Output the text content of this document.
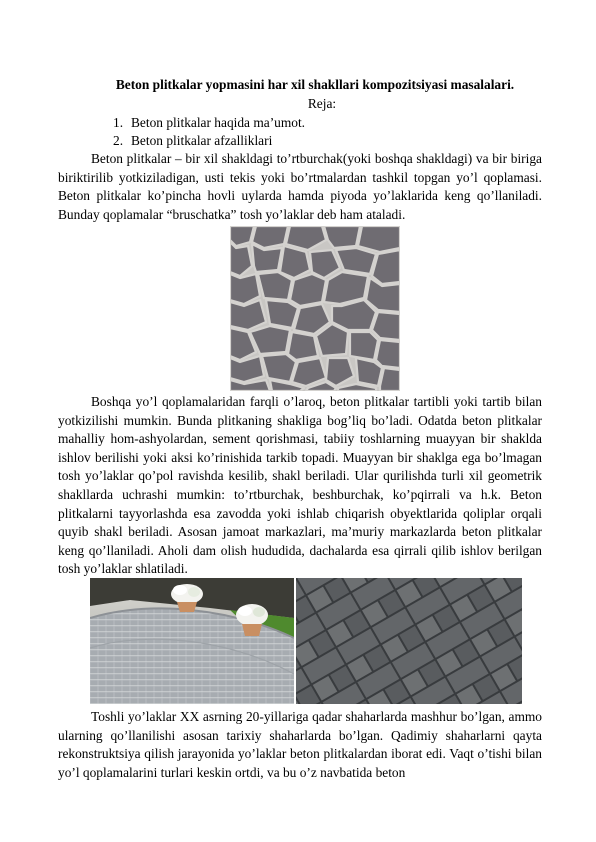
Beton plitkalar yopmasini har xil shakllari kompozitsiyasi masalalari.
Reja:
1. Beton plitkalar haqida ma’umot.
2. Beton plitkalar afzalliklari

Beton plitkalar – bir xil shakldagi to’rtburchak(yoki boshqa shakldagi) va bir biriga biriktirilib yotkiziladigan, usti tekis yoki bo’rtmalardan tashkil topgan yo’l qoplamasi. Beton plitkalar ko’pincha hovli uylarda hamda piyoda yo’laklarida keng qo’llaniladi. Bunday qoplamalar “bruschatka” tosh yo’laklar deb ham ataladi.

Boshqa yo’l qoplamalaridan farqli o’laroq, beton plitkalar tartibli yoki tartib bilan yotkizilishi mumkin. Bunda plitkaning shakliga bog’liq bo’ladi. Odatda beton plitkalar mahalliy hom-ashyolardan, sement qorishmasi, tabiiy toshlarning muayyan bir shaklda ishlov berilishi yoki aksi ko’rinishida tarkib topadi. Muayyan bir shaklga ega bo’lmagan tosh yo’laklar qo’pol ravishda kesilib, shakl beriladi. Ular qurilishda turli xil geometrik shakllarda uchrashi mumkin: to’rtburchak, beshburchak, ko’pqirrali va h.k. Beton plitkalarni tayyorlashda esa zavodda yoki ishlab chiqarish obyektlarida qoliplar orqali quyib shakl beriladi. Asosan jamoat markazlari, ma’muriy markazlarda beton plitkalar keng qo’llaniladi. Aholi dam olish hududida, dachalarda esa qirrali qilib ishlov berilgan tosh yo’laklar shlatiladi.

Toshli yo’laklar XX asrning 20-yillariga qadar shaharlarda mashhur bo’lgan, ammo ularning qo’llanilishi asosan tarixiy shaharlarda bo’lgan. Qadimiy shaharlarni qayta rekonstruktsiya qilish jarayonida yo’laklar beton plitkalardan iborat edi. Vaqt o’tishi bilan yo’l qoplamalarini turlari keskin ortdi, va bu o’z navbatida beton
